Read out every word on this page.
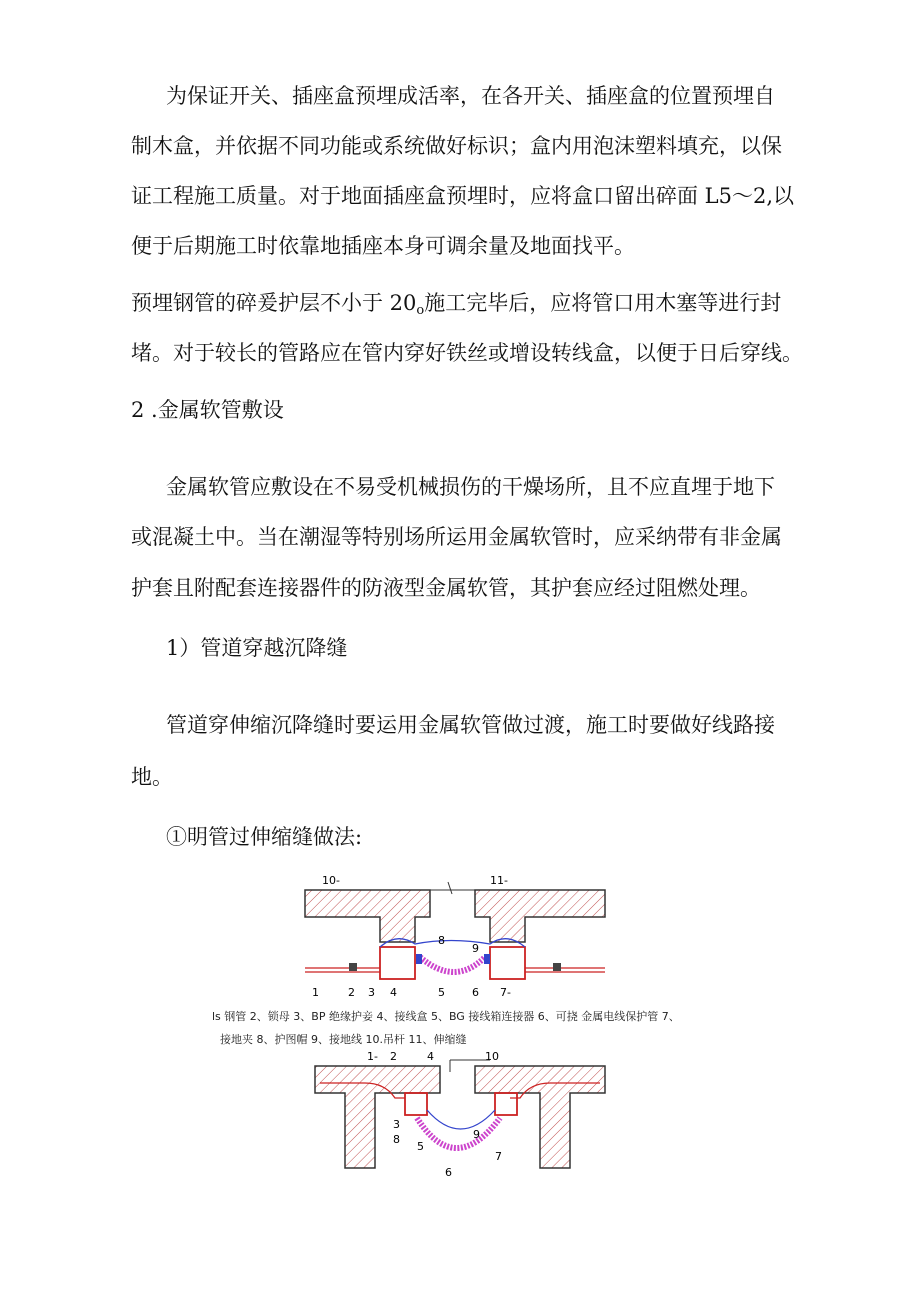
为保证开关、插座盒预埋成活率，在各开关、插座盒的位置预埋自
制木盒，并依据不同功能或系统做好标识；盒内用泡沫塑料填充，以保
证工程施工质量。对于地面插座盒预埋时，应将盒口留出碎面 L5～2,以
便于后期施工时依靠地插座本身可调余量及地面找平。
预埋钢管的碎爰护层不小于 $20_o$施工完毕后，应将管口用木塞等进行封
堵。对于较长的管路应在管内穿好铁丝或增设转线盒，以便于日后穿线。
2 .金属软管敷设
金属软管应敷设在不易受机械损伤的干燥场所，且不应直埋于地下
或混凝土中。当在潮湿等特别场所运用金属软管时，应采纳带有非金属
护套且附配套连接器件的防液型金属软管，其护套应经过阻燃处理。
1）管道穿越沉降缝
管道穿伸缩沉降缝时要运用金属软管做过渡，施工时要做好线路接
地。
①明管过伸缩缝做法:
10-	11-
8
9
1	2 3 4	5 6 7-
ls 钢管 2、锁母 3、BP 绝缘护妾 4、接线盒 5、BG 接线箱连接器 6、可挠 金属电线保护管 7、
接地夹 8、护图帽 9、接地线 10.吊杆 11、伸缩缝
1- 2	4	10
3
8
5
9
7
6
